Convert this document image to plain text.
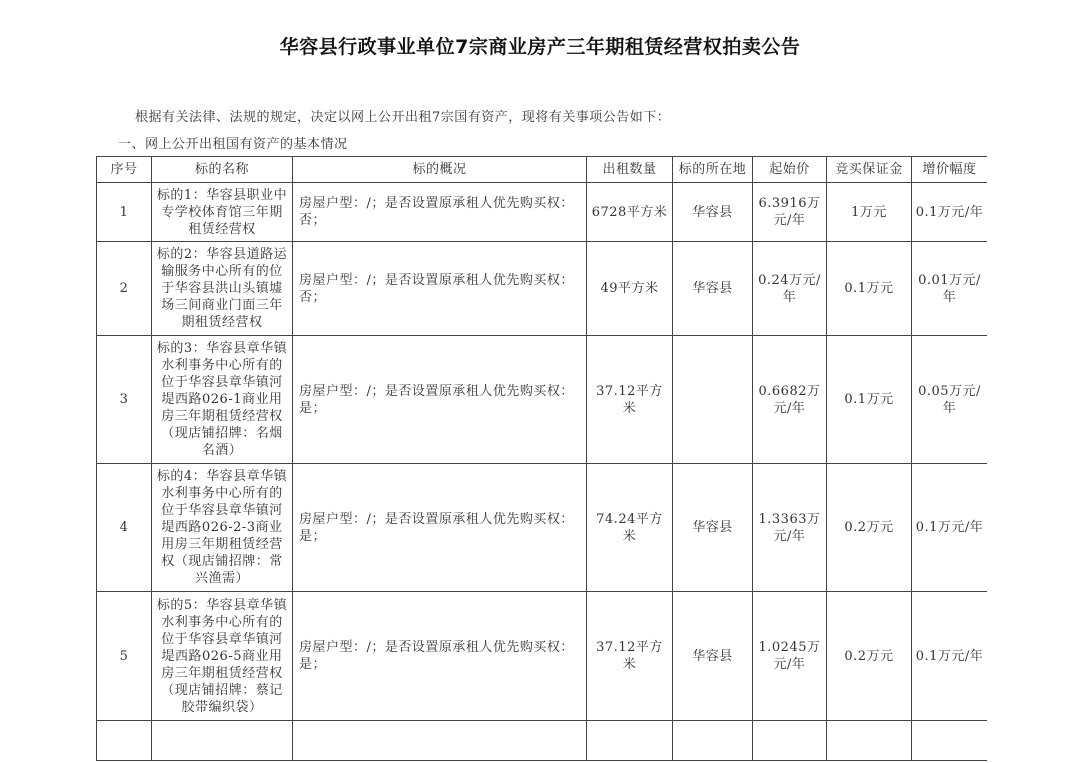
华容县行政事业单位7宗商业房产三年期租赁经营权拍卖公告
根据有关法律、法规的规定，决定以网上公开出租7宗国有资产，现将有关事项公告如下：
一、网上公开出租国有资产的基本情况
序号	标的名称	标的概况	出租数量	标的所在地	起始价	竞买保证金	增价幅度
1	标的1：华容县职业中专学校体育馆三年期租赁经营权	房屋户型：/；是否设置原承租人优先购买权：否；	6728平方米	华容县	6.3916万元/年	1万元	0.1万元/年
2	标的2：华容县道路运输服务中心所有的位于华容县洪山头镇墟场三间商业门面三年期租赁经营权	房屋户型：/；是否设置原承租人优先购买权：否；	49平方米	华容县	0.24万元/年	0.1万元	0.01万元/年
3	标的3：华容县章华镇水利事务中心所有的位于华容县章华镇河堤西路026-1商业用房三年期租赁经营权（现店铺招牌：名烟名酒）	房屋户型：/；是否设置原承租人优先购买权：是；	37.12平方米		0.6682万元/年	0.1万元	0.05万元/年
4	标的4：华容县章华镇水利事务中心所有的位于华容县章华镇河堤西路026-2-3商业用房三年期租赁经营权（现店铺招牌：常兴渔需）	房屋户型：/；是否设置原承租人优先购买权：是；	74.24平方米	华容县	1.3363万元/年	0.2万元	0.1万元/年
5	标的5：华容县章华镇水利事务中心所有的位于华容县章华镇河堤西路026-5商业用房三年期租赁经营权（现店铺招牌：蔡记胶带编织袋）	房屋户型：/；是否设置原承租人优先购买权：是；	37.12平方米	华容县	1.0245万元/年	0.2万元	0.1万元/年
